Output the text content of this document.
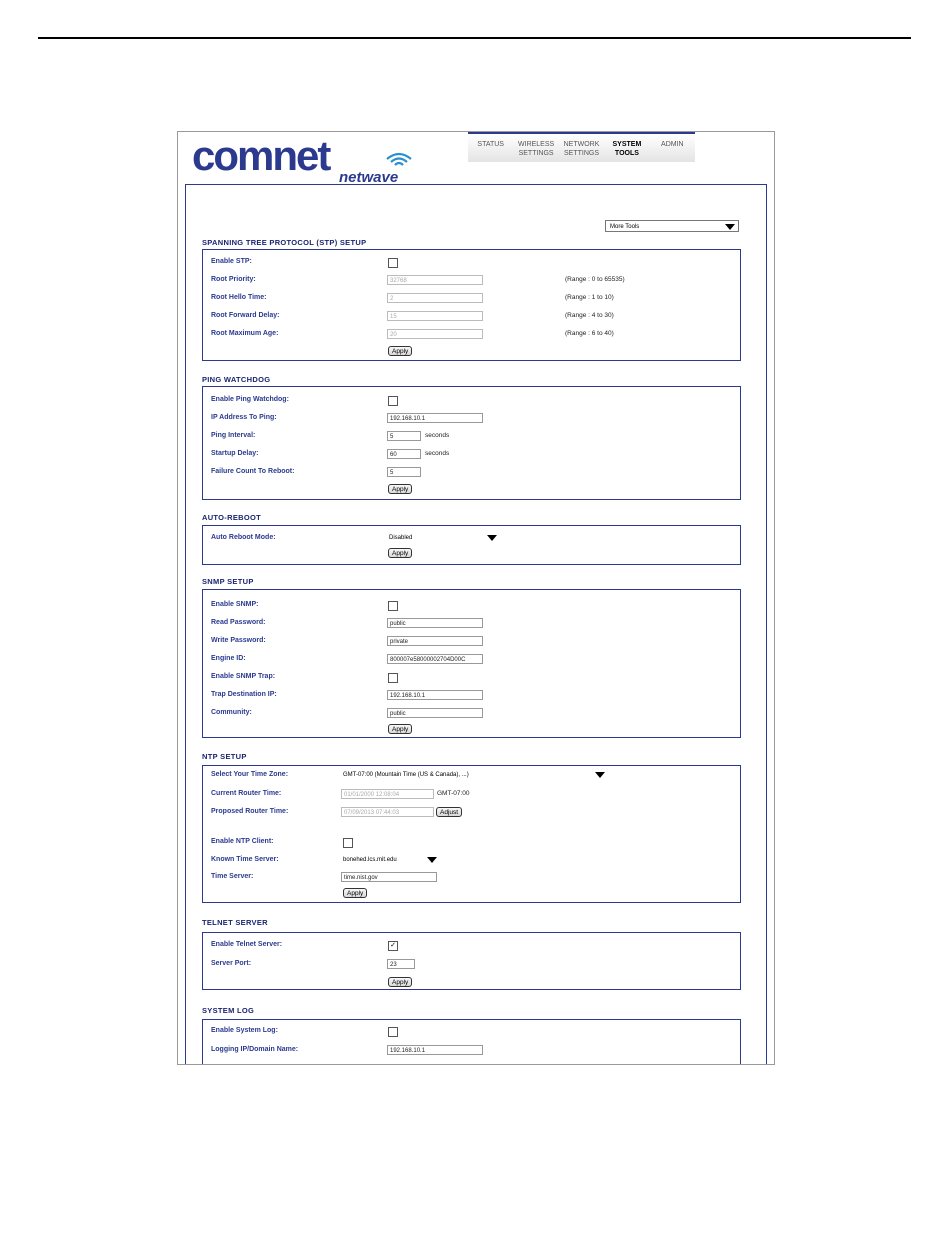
comnet netwave
STATUS	WIRELESS
SETTINGS
NETWORK
SETTINGS
SYSTEM
TOOLS
ADMIN
More Tools
SPANNING TREE PROTOCOL (STP) SETUP
Enable STP:
Root Priority:	32768	(Range : 0 to 65535)
Root Hello Time:	2	(Range : 1 to 10)
Root Forward Delay:	15	(Range : 4 to 30)
Root Maximum Age:	20	(Range : 6 to 40)
Apply
PING WATCHDOG
Enable Ping Watchdog:
IP Address To Ping:	192.168.10.1
Ping Interval:	5	seconds
Startup Delay:	60	seconds
Failure Count To Reboot:	5
Apply
AUTO-REBOOT
Auto Reboot Mode:	Disabled
Apply
SNMP SETUP
Enable SNMP:
Read Password:	public
Write Password:	private
Engine ID:	800007e58000002704D00C
Enable SNMP Trap:
Trap Destination IP:	192.168.10.1
Community:	public
Apply
NTP SETUP
Select Your Time Zone:	GMT-07:00 (Mountain Time (US & Canada), ...)
Current Router Time:	01/01/2000 12:08:04	GMT-07:00
Proposed Router Time:	07/09/2013 07:44:03	Adjust
Enable NTP Client:
Known Time Server:	bonehed.lcs.mit.edu
Time Server:	time.nist.gov
Apply
TELNET SERVER
Enable Telnet Server:	✓
Server Port:	23
Apply
SYSTEM LOG
Enable System Log:
Logging IP/Domain Name:	192.168.10.1
